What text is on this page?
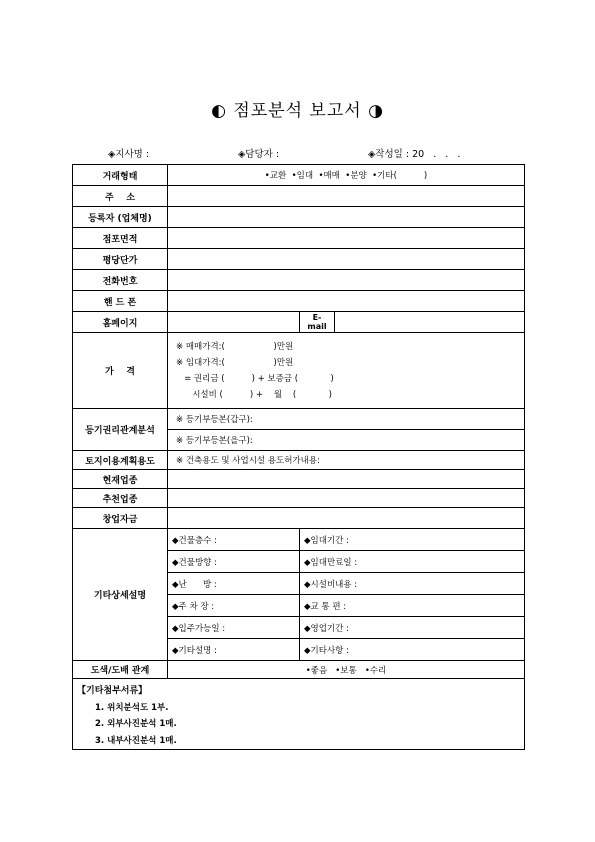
◐ 점포분석 보고서 ◑
◈지사명 :	◈담당자 :	◈작성일 : 20   .   .   .
거래형태	•교환  •임대  •매매  •분양  •기타(          )		
주    소			
등록자 (업체명)			
점포면적			
평당단가			
전화번호			
핸 드 폰			
홈페이지		E-mail	
가    격	※ 매매가격:(                  )만원
※ 임대가격:(                  )만원
= 권리금 (          ) + 보증금 (            )
시설비 (          ) +    월    (            )		

등기권리관계분석	※ 등기부등본(갑구):		
	※ 등기부등본(을구):		
토지이용계획용도	※ 건축용도 및 사업시설 용도허가내용:		
현재업종			
추천업종			
창업자금			
기타상세설명	◆건물층수 :	◆임대기간 :	
	◆건물방향 :	◆임대만료일 :	
	◆난      방 :	◆시설비내용 :	
	◆주 차 장 :	◆교 통 편 :	
	◆입주가능일 :	◆영업기간 :	
	◆기타설명 :	◆기타사항 :	
도색/도배 관계	•좋음   •보통   •수리		

【기타첨부서류】
1. 위치분석도 1부.
2. 외부사진분석 1매.
3. 내부사진분석 1매.			
